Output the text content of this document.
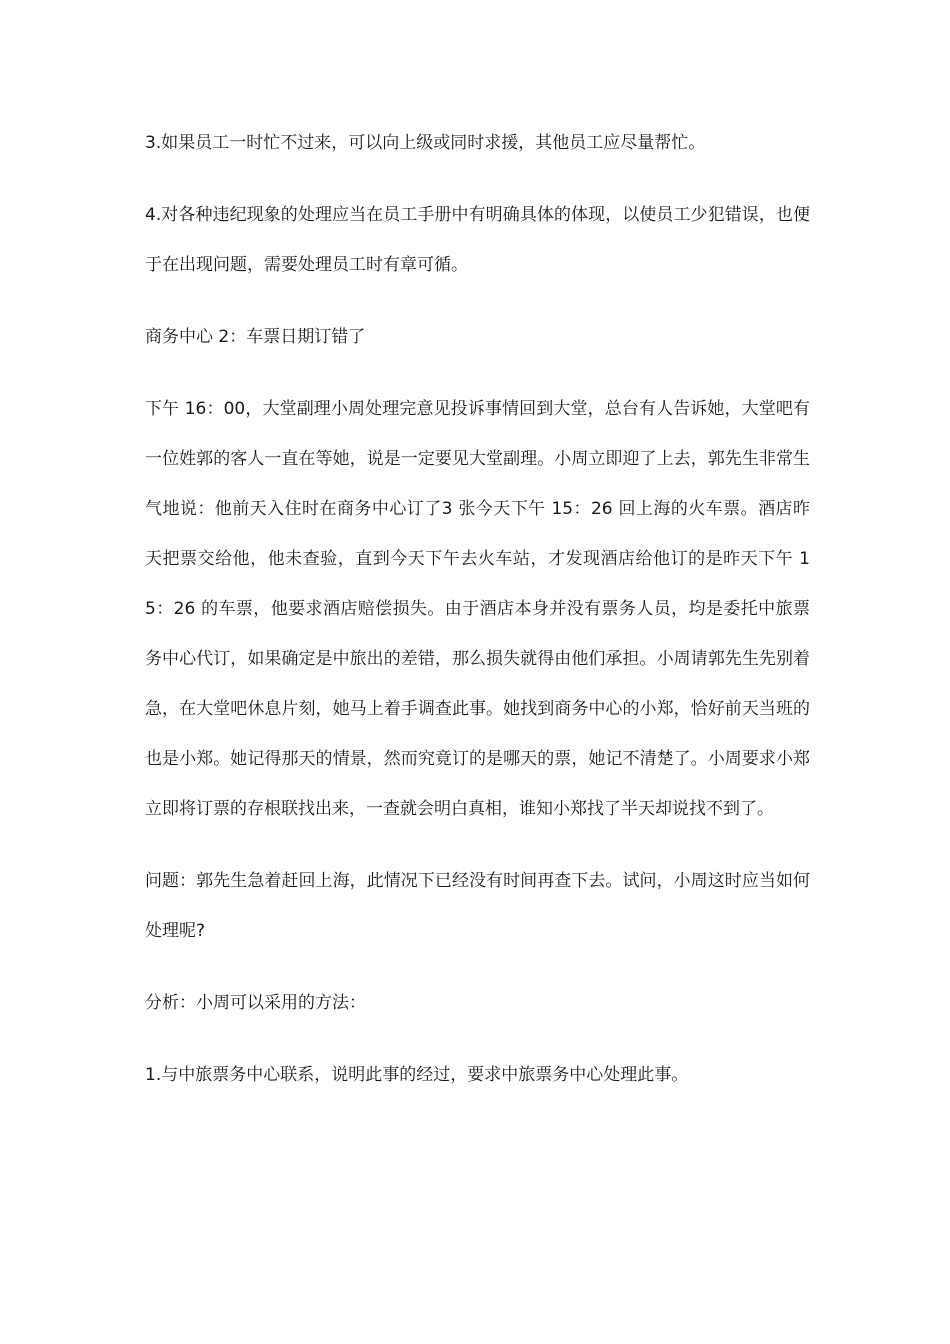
3.如果员工一时忙不过来，可以向上级或同时求援，其他员工应尽量帮忙。

4.对各种违纪现象的处理应当在员工手册中有明确具体的体现，以使员工少犯错误，也便于在出现问题，需要处理员工时有章可循。

商务中心 2：车票日期订错了

下午 16：00，大堂副理小周处理完意见投诉事情回到大堂，总台有人告诉她，大堂吧有一位姓郭的客人一直在等她，说是一定要见大堂副理。小周立即迎了上去，郭先生非常生气地说：他前天入住时在商务中心订了3 张今天下午 15：26 回上海的火车票。酒店昨天把票交给他，他未查验，直到今天下午去火车站，才发现酒店给他订的是昨天下午 15：26 的车票，他要求酒店赔偿损失。由于酒店本身并没有票务人员，均是委托中旅票务中心代订，如果确定是中旅出的差错，那么损失就得由他们承担。小周请郭先生先别着急，在大堂吧休息片刻，她马上着手调查此事。她找到商务中心的小郑，恰好前天当班的也是小郑。她记得那天的情景，然而究竟订的是哪天的票，她记不清楚了。小周要求小郑立即将订票的存根联找出来，一查就会明白真相，谁知小郑找了半天却说找不到了。

问题：郭先生急着赶回上海，此情况下已经没有时间再查下去。试问，小周这时应当如何处理呢?

分析：小周可以采用的方法：

1.与中旅票务中心联系，说明此事的经过，要求中旅票务中心处理此事。
